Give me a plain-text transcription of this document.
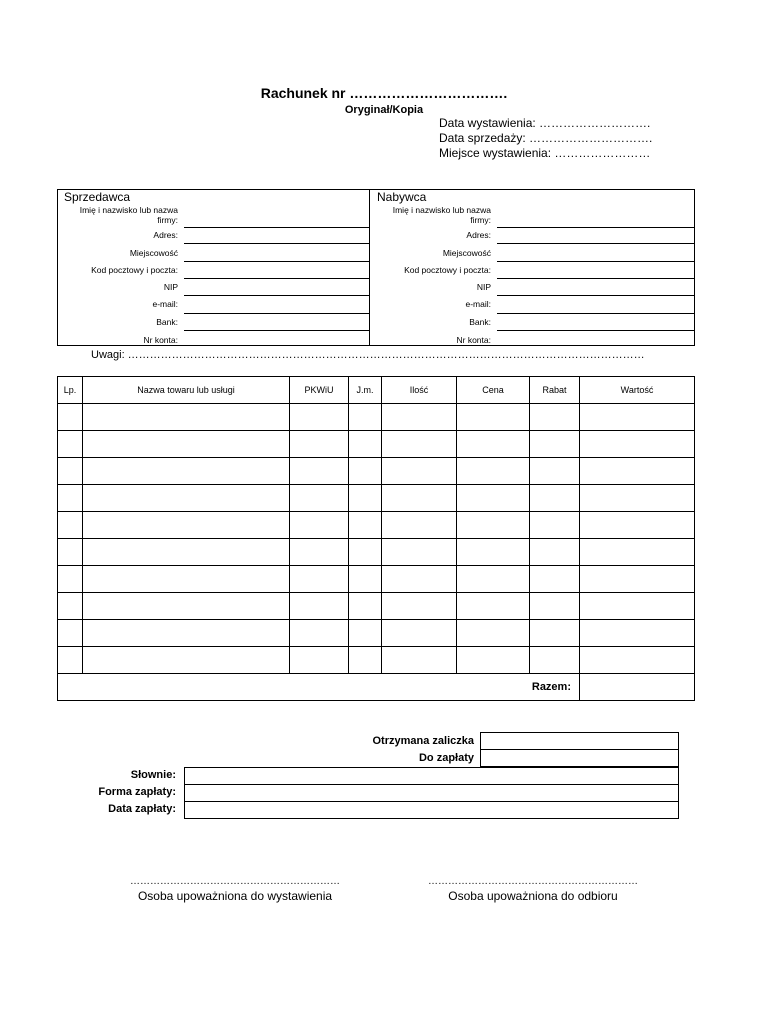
Rachunek nr …………………………….
Oryginał/Kopia
Data wystawienia: ……………………….
Data sprzedaży: ………………………….
Miejsce wystawienia: ……………………
Sprzedawca
Imię i nazwisko lub nazwa firmy:
Adres:
Miejscowość
Kod pocztowy i poczta:
NIP
e-mail:
Bank:
Nr konta:
Nabywca
Imię i nazwisko lub nazwa firmy:
Adres:
Miejscowość
Kod pocztowy i poczta:
NIP
e-mail:
Bank:
Nr konta:
Uwagi: ……………………………………………………………………………………………………………………………
Lp.	Nazwa towaru lub usługi	PKWiU	J.m.	Ilość	Cena	Rabat	Wartość

Razem:							
Otrzymana zaliczka
Do zapłaty
Słownie:
Forma zapłaty:
Data zapłaty:
………………………………………………………
Osoba upoważniona do wystawienia
………………………………………………………
Osoba upoważniona do odbioru
